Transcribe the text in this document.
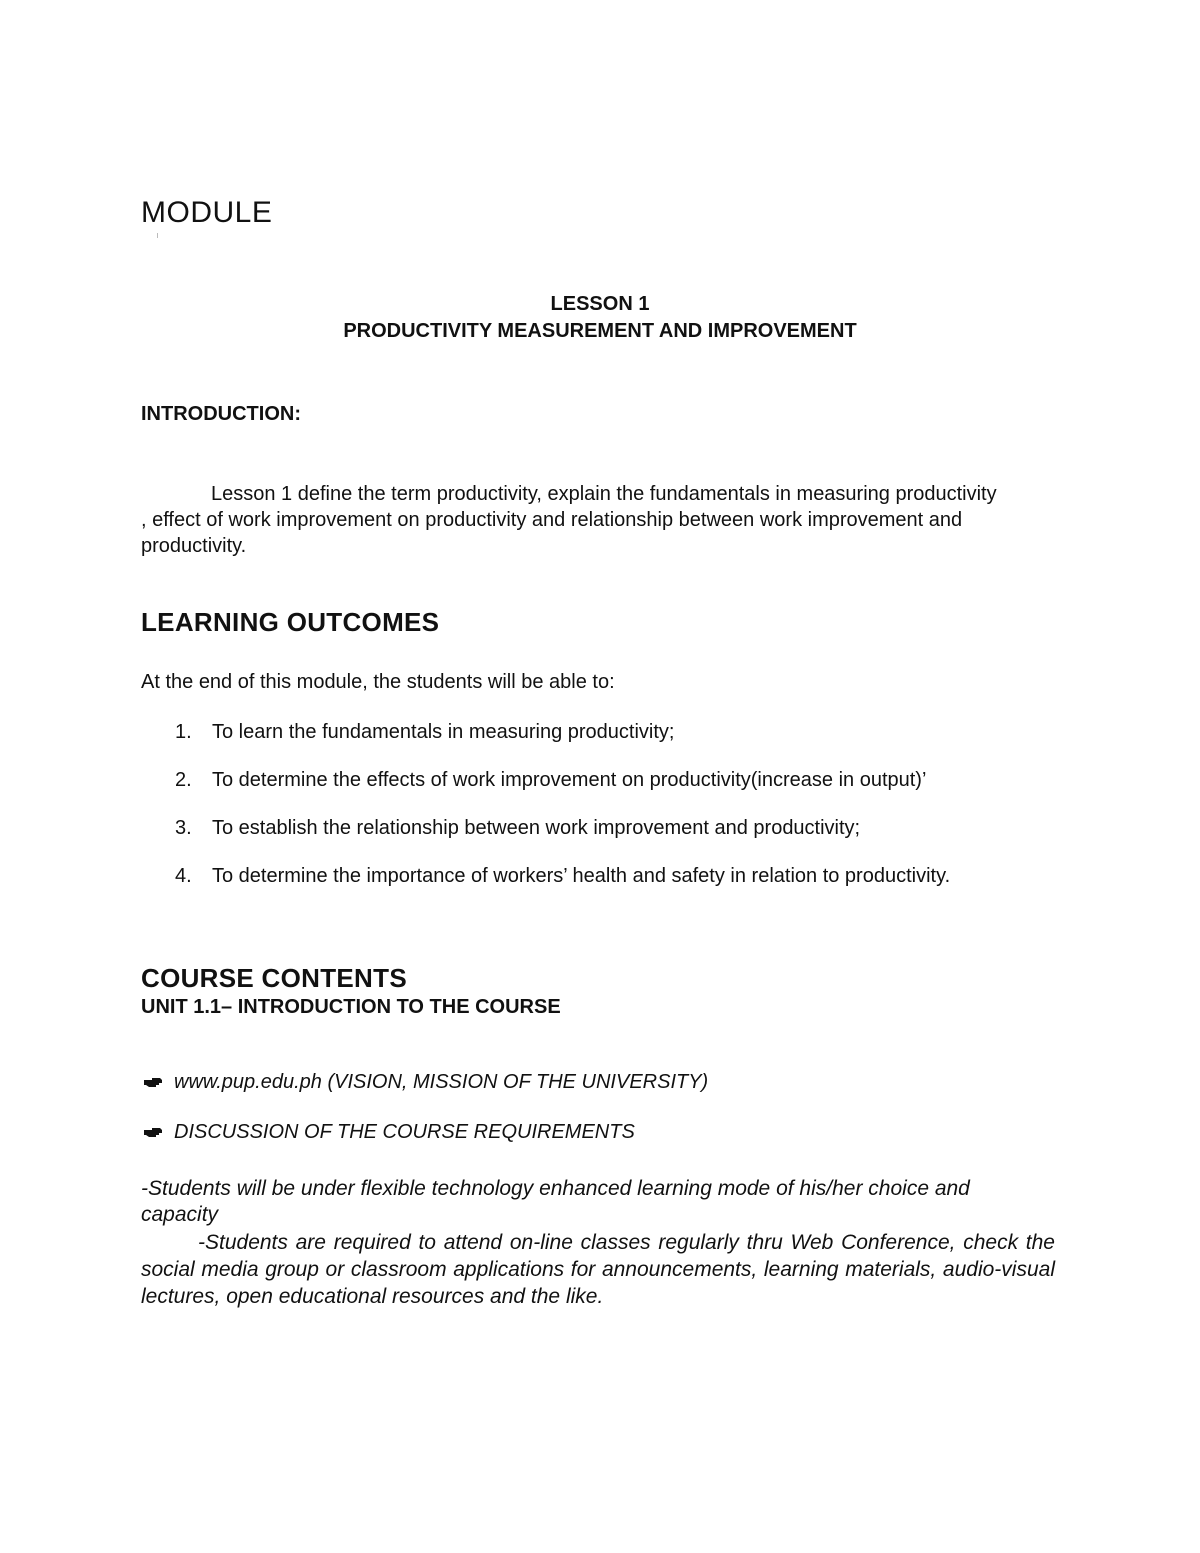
MODULE
LESSON 1
PRODUCTIVITY MEASUREMENT AND IMPROVEMENT
INTRODUCTION:

Lesson 1 define the term productivity, explain the fundamentals in measuring productivity , effect of work improvement on productivity and relationship between work improvement and productivity.

LEARNING OUTCOMES
At the end of this module, the students will be able to:
1. To learn the fundamentals in measuring productivity;
2. To determine the effects of work improvement on productivity(increase in output)’
3. To establish the relationship between work improvement and productivity;
4. To determine the importance of workers’ health and safety in relation to productivity.
COURSE CONTENTS
UNIT 1.1– INTRODUCTION TO THE COURSE
www.pup.edu.ph (VISION, MISSION OF THE UNIVERSITY)
DISCUSSION OF THE COURSE REQUIREMENTS

-Students will be under flexible technology enhanced learning mode of his/her choice and capacity

-Students are required to attend on-line classes regularly thru Web Conference, check the social media group or classroom applications for announcements, learning materials, audio-visual lectures, open educational resources and the like.
